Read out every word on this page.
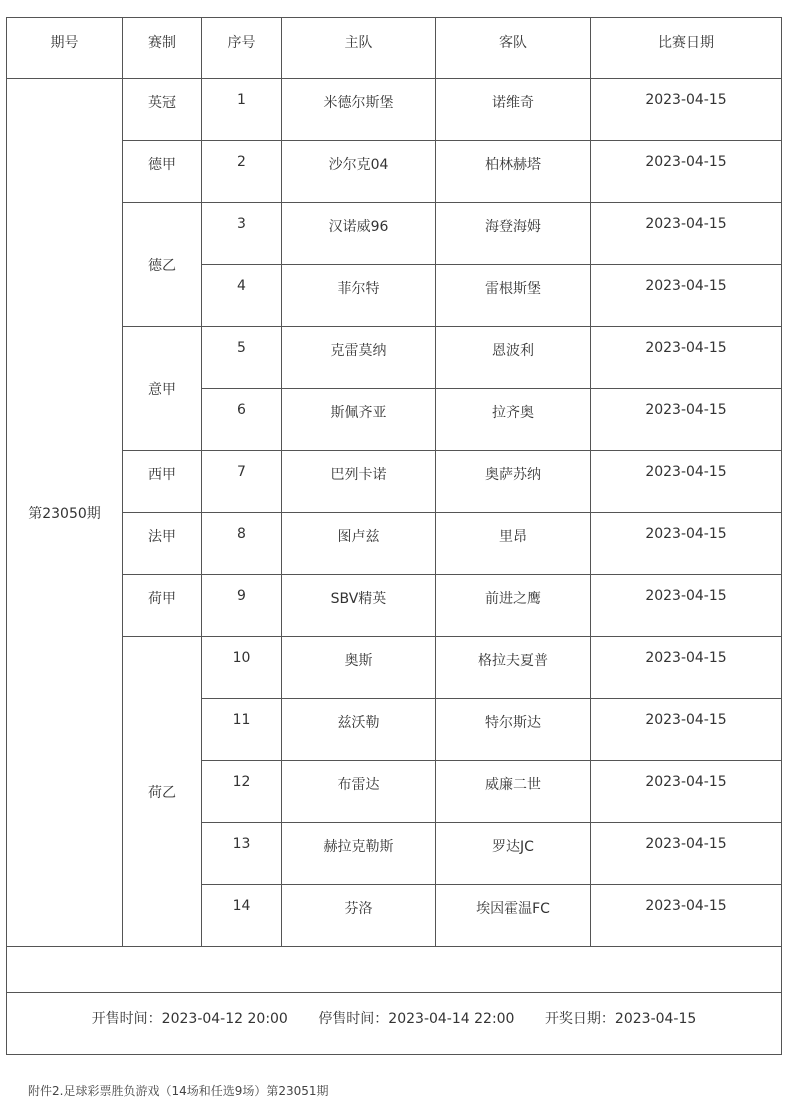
期号	赛制	序号	主队	客队	比赛日期
第23050期	英冠	1	米德尔斯堡	诺维奇	2023-04-15
	德甲	2	沙尔克04	柏林赫塔	2023-04-15
	德乙	3	汉诺威96	海登海姆	2023-04-15
		4	菲尔特	雷根斯堡	2023-04-15
	意甲	5	克雷莫纳	恩波利	2023-04-15
		6	斯佩齐亚	拉齐奥	2023-04-15
	西甲	7	巴列卡诺	奥萨苏纳	2023-04-15
	法甲	8	图卢兹	里昂	2023-04-15
	荷甲	9	SBV精英	前进之鹰	2023-04-15
	荷乙	10	奥斯	格拉夫夏普	2023-04-15
		11	兹沃勒	特尔斯达	2023-04-15
		12	布雷达	威廉二世	2023-04-15
		13	赫拉克勒斯	罗达JC	2023-04-15
		14	芬洛	埃因霍温FC	2023-04-15

开售时间：2023-04-12 20:00 停售时间：2023-04-14 22:00 开奖日期：2023-04-15					
附件2.足球彩票胜负游戏（14场和任选9场）第23051期
